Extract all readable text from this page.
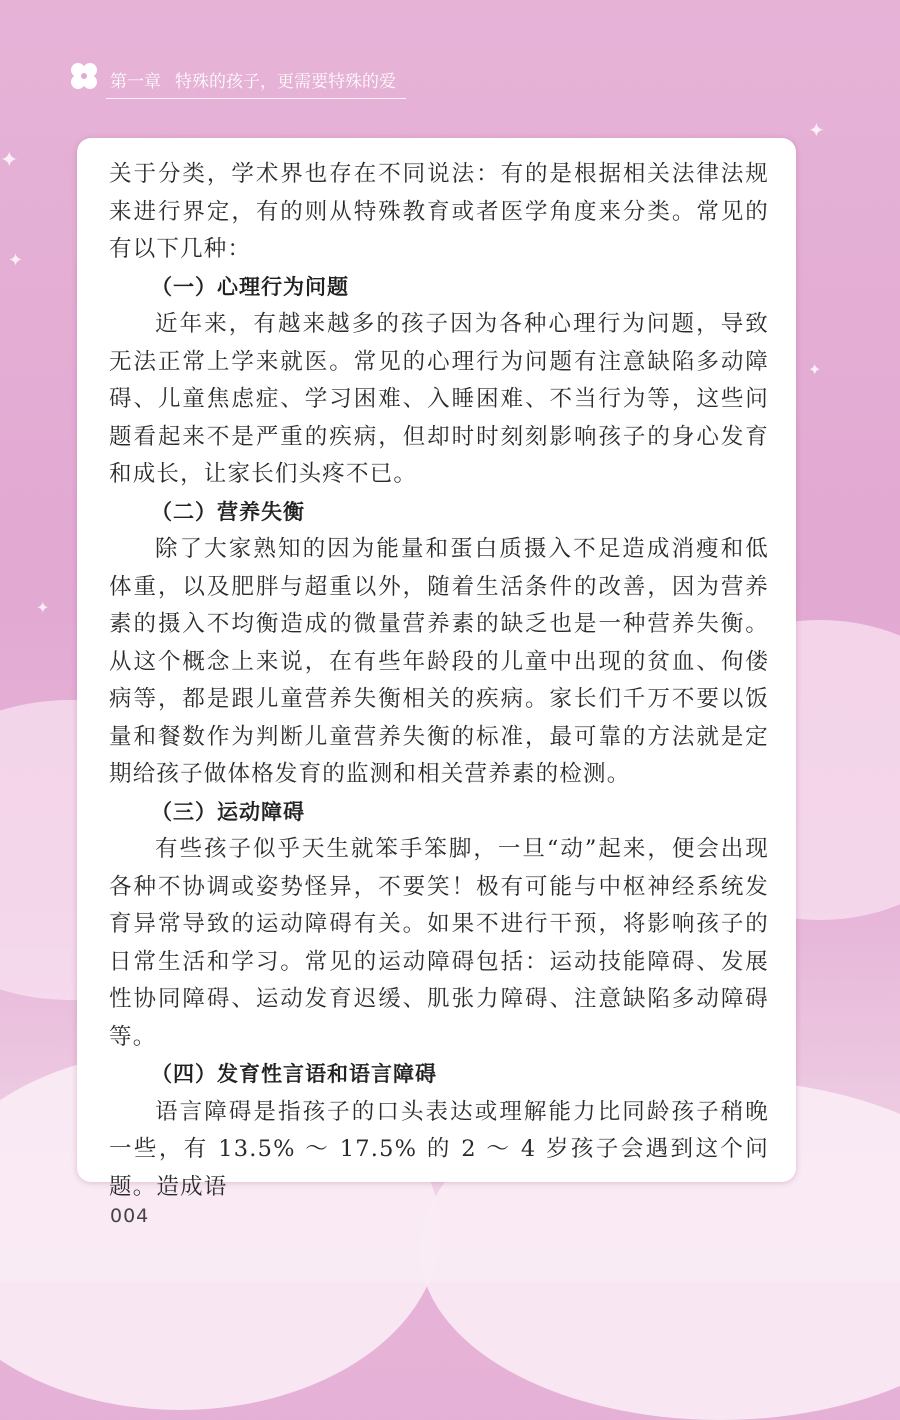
✦
✦
✦
✦
✦
第一章 特殊的孩子，更需要特殊的爱

关于分类，学术界也存在不同说法：有的是根据相关法律法规来进行界定，有的则从特殊教育或者医学角度来分类。常见的有以下几种：

（一）心理行为问题

近年来，有越来越多的孩子因为各种心理行为问题，导致无法正常上学来就医。常见的心理行为问题有注意缺陷多动障碍、儿童焦虑症、学习困难、入睡困难、不当行为等，这些问题看起来不是严重的疾病，但却时时刻刻影响孩子的身心发育和成长，让家长们头疼不已。

（二）营养失衡

除了大家熟知的因为能量和蛋白质摄入不足造成消瘦和低体重，以及肥胖与超重以外，随着生活条件的改善，因为营养素的摄入不均衡造成的微量营养素的缺乏也是一种营养失衡。从这个概念上来说，在有些年龄段的儿童中出现的贫血、佝偻病等，都是跟儿童营养失衡相关的疾病。家长们千万不要以饭量和餐数作为判断儿童营养失衡的标准，最可靠的方法就是定期给孩子做体格发育的监测和相关营养素的检测。

（三）运动障碍

有些孩子似乎天生就笨手笨脚，一旦“动”起来，便会出现各种不协调或姿势怪异，不要笑！极有可能与中枢神经系统发育异常导致的运动障碍有关。如果不进行干预，将影响孩子的日常生活和学习。常见的运动障碍包括：运动技能障碍、发展性协同障碍、运动发育迟缓、肌张力障碍、注意缺陷多动障碍等。

（四）发育性言语和语言障碍

语言障碍是指孩子的口头表达或理解能力比同龄孩子稍晚一些，有 13.5% ～ 17.5% 的 2 ～ 4 岁孩子会遇到这个问题。造成语

004
